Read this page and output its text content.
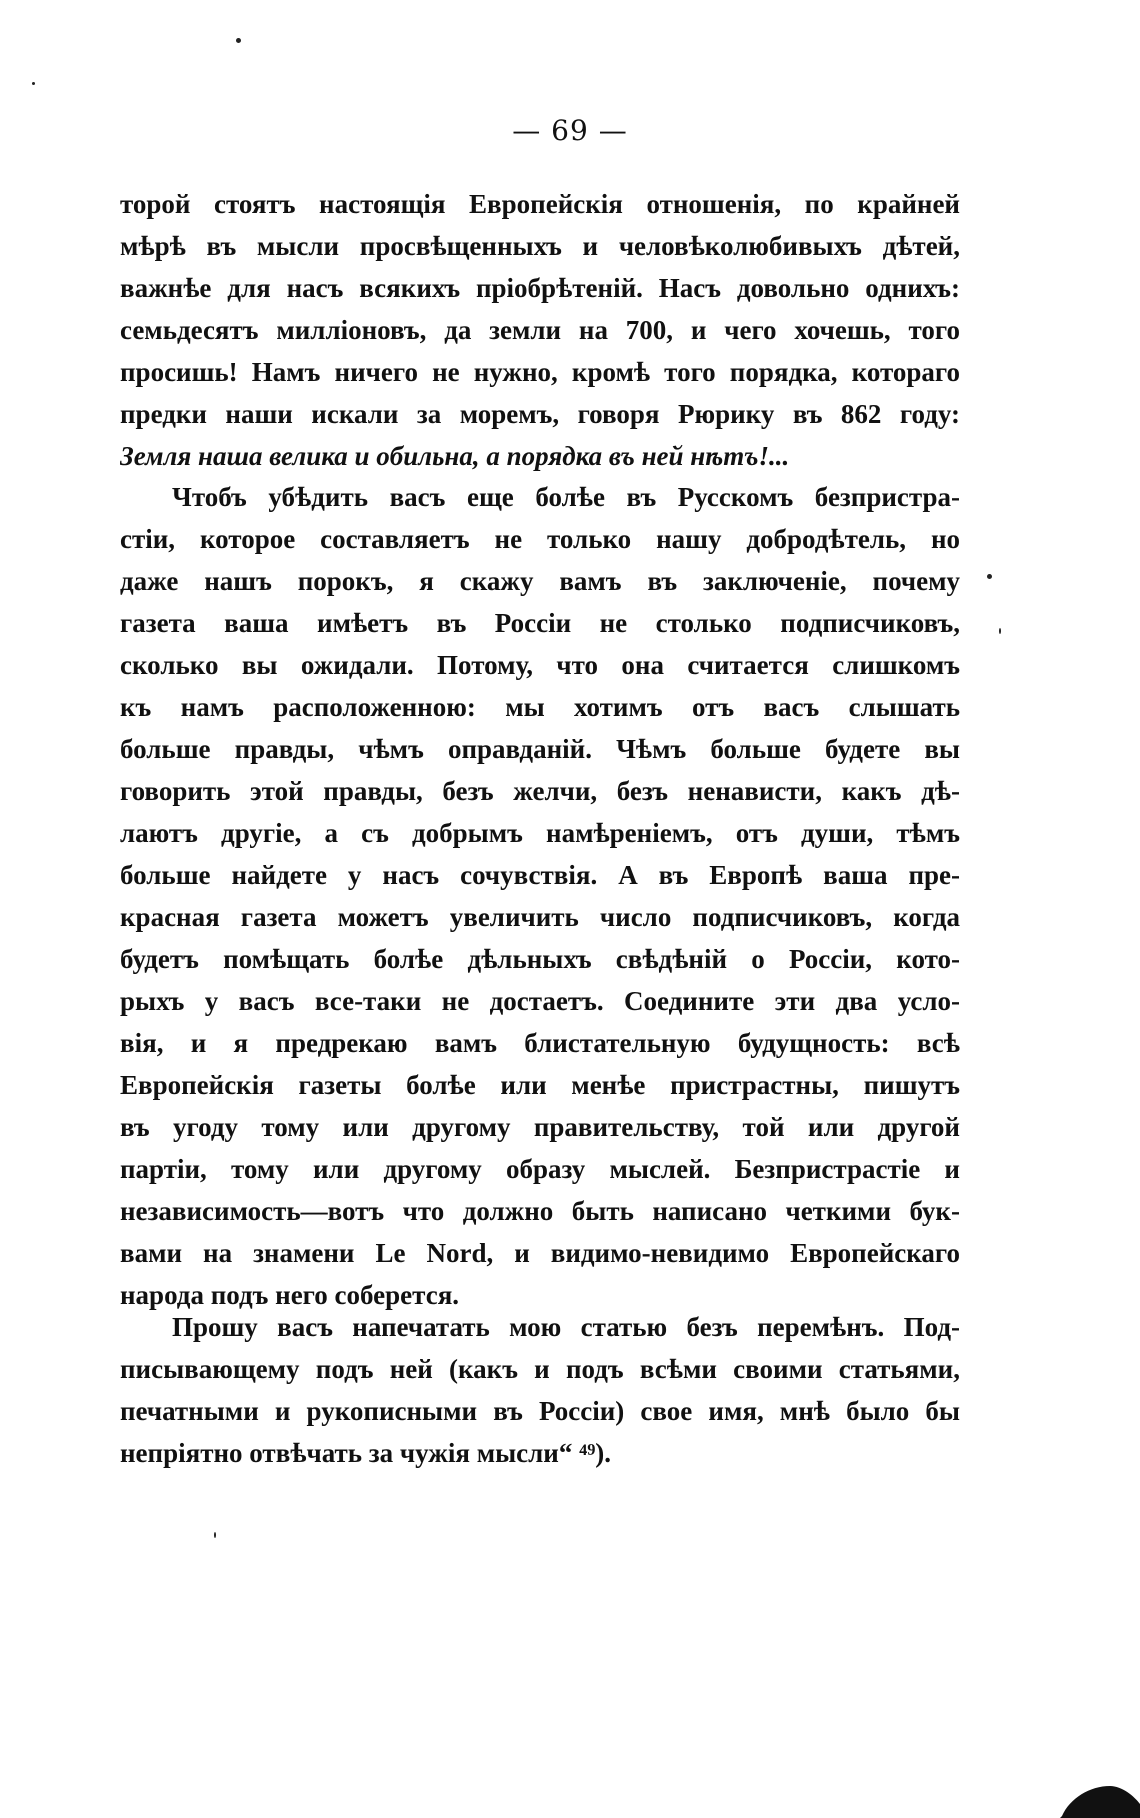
— 69 —
торой стоятъ настоящія Европейскія отношенія, по крайней
мѣрѣ въ мысли просвѣщенныхъ и человѣколюбивыхъ дѣтей,
важнѣе для насъ всякихъ пріобрѣтеній. Насъ довольно однихъ:
семьдесятъ милліоновъ, да земли на 700, и чего хочешь, того
просишь! Намъ ничего не нужно, кромѣ того порядка, котораго
предки наши искали за моремъ, говоря Рюрику въ 862 году:
Земля наша велика и обильна, а порядка въ ней нѣтъ!...
Чтобъ убѣдить васъ еще болѣе въ Русскомъ безпристра-
стіи, которое составляетъ не только нашу добродѣтель, но
даже нашъ порокъ, я скажу вамъ въ заключеніе, почему
газета ваша имѣетъ въ Россіи не столько подписчиковъ,
сколько вы ожидали. Потому, что она считается слишкомъ
къ намъ расположенною: мы хотимъ отъ васъ слышать
больше правды, чѣмъ оправданій. Чѣмъ больше будете вы
говорить этой правды, безъ желчи, безъ ненависти, какъ дѣ-
лаютъ другіе, а съ добрымъ намѣреніемъ, отъ души, тѣмъ
больше найдете у насъ сочувствія. А въ Европѣ ваша пре-
красная газета можетъ увеличить число подписчиковъ, когда
будетъ помѣщать болѣе дѣльныхъ свѣдѣній о Россіи, кото-
рыхъ у васъ все-таки не достаетъ. Соедините эти два усло-
вія, и я предрекаю вамъ блистательную будущность: всѣ
Европейскія газеты болѣе или менѣе пристрастны, пишутъ
въ угоду тому или другому правительству, той или другой
партіи, тому или другому образу мыслей. Безпристрастіе и
независимость—вотъ что должно быть написано четкими бук-
вами на знамени Le Nord, и видимо-невидимо Европейскаго
народа подъ него соберется.
Прошу васъ напечатать мою статью безъ перемѣнъ. Под-
писывающему подъ ней (какъ и подъ всѣми своими статьями,
печатными и рукописными въ Россіи) свое имя, мнѣ было бы
непріятно отвѣчать за чужія мысли“ ⁴⁹).
